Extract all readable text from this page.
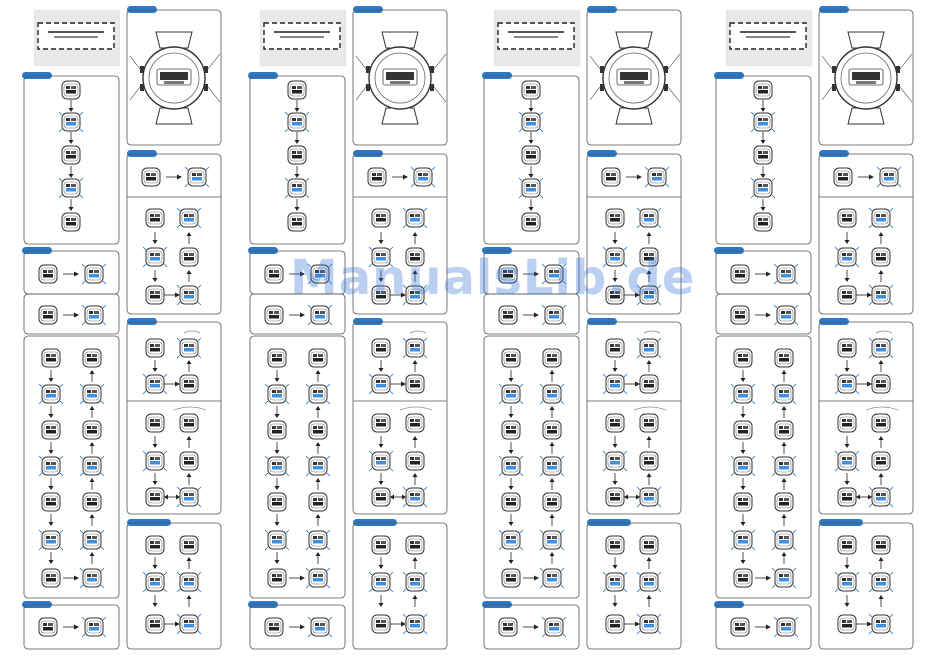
ManualsLib.de
